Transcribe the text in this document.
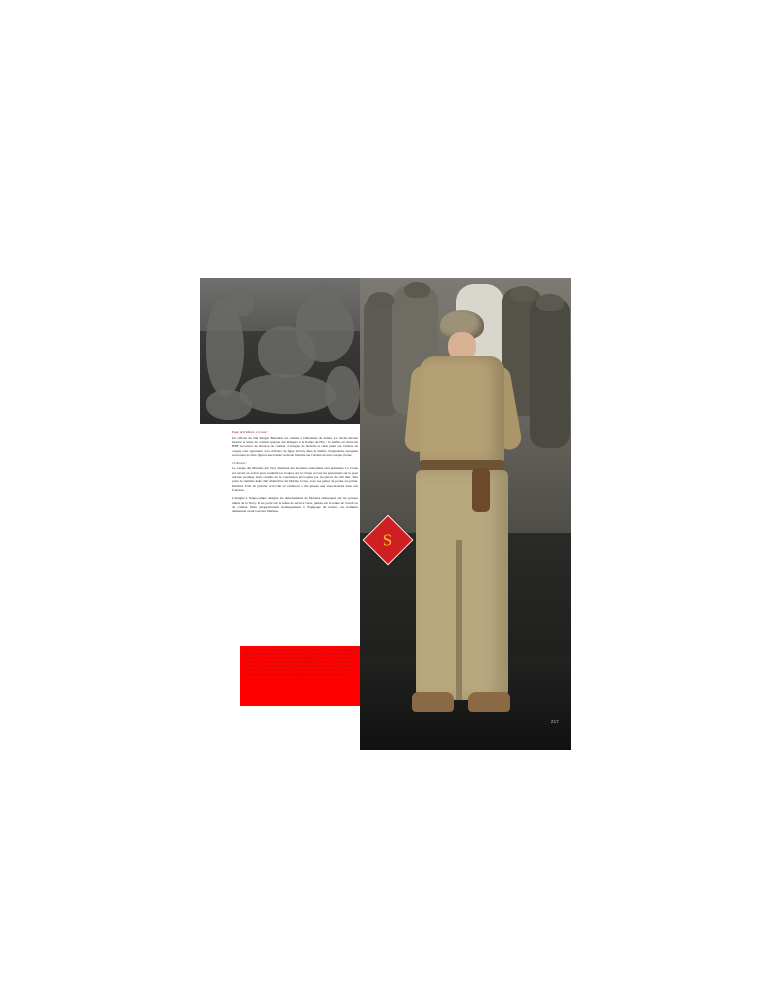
Page précédente, en haut :

Un officier du 2nd Ranger Battalion est comme à l'infanterie du dessin. Le cliché suivant montre la tenue de combat typique des Rangers à la Pointe du Hoc : le treillis en chevrons HBF recouvert du blouson de combat. L'insigne de manche et celui peint sur l'arrière du casque sont apparents. Les officiers de ligne arrivés dans le théâtre d'opérations européen sont tenus de faire figurer une bande verticale blanche sur l'arrière de leur casque d'acier.

Ci-dessus :

Le casque des Marines des Very distribué des brodeurs australiens sont présentes. Le Crane est ouvert en action pour souhaité les troupes sur le rivage et tous les personnels sur le pont doivent protéger leurs oreilles de la concussion provoquée par les pièces de 190 mm. Très porte la chemise kaki clair distinctive du Marine Corps, avec ses pattes de poche en pointe. Derrière l'état du pistolet accroché au ceinturon a été glissée une sous-blanche dans son fourreau.

L'insigne à l'hippocampe désigne les détachements de Marines embarqués sur les grosses unités de la Navy. Il est porté sur la tenue de service verte, jamais sur la tenue de travail ou de combat. Bien qu'appartenant techniquement à l'équipage du navire, ces hommes demeurent avant tout des Marines.

Dans le cadre de la lutte au niveau des pertes des troupes au sol, le commandement américain met l'accent sur le besoin d'employer le premier corps de bataille, la mission maîtresse de la campagne et une orientation stratégique d'ouvrage. La réponse au début de juin 1944 — ce Marine est déclaré par les stratégies portées sur base et a sujet unifié, contre les ravages et les dispositions consécutives au texte imprimé qui a été édité et publié pour la première fois en 1944 ; les actes en vigueur permettent d'observer les principes stratégiques par arbitre. Sur les détails considèrent les éléments de cartographie et la côte durant les postes pour le commandement qui ne de mobilisation d'accès.

Ѕ
217
